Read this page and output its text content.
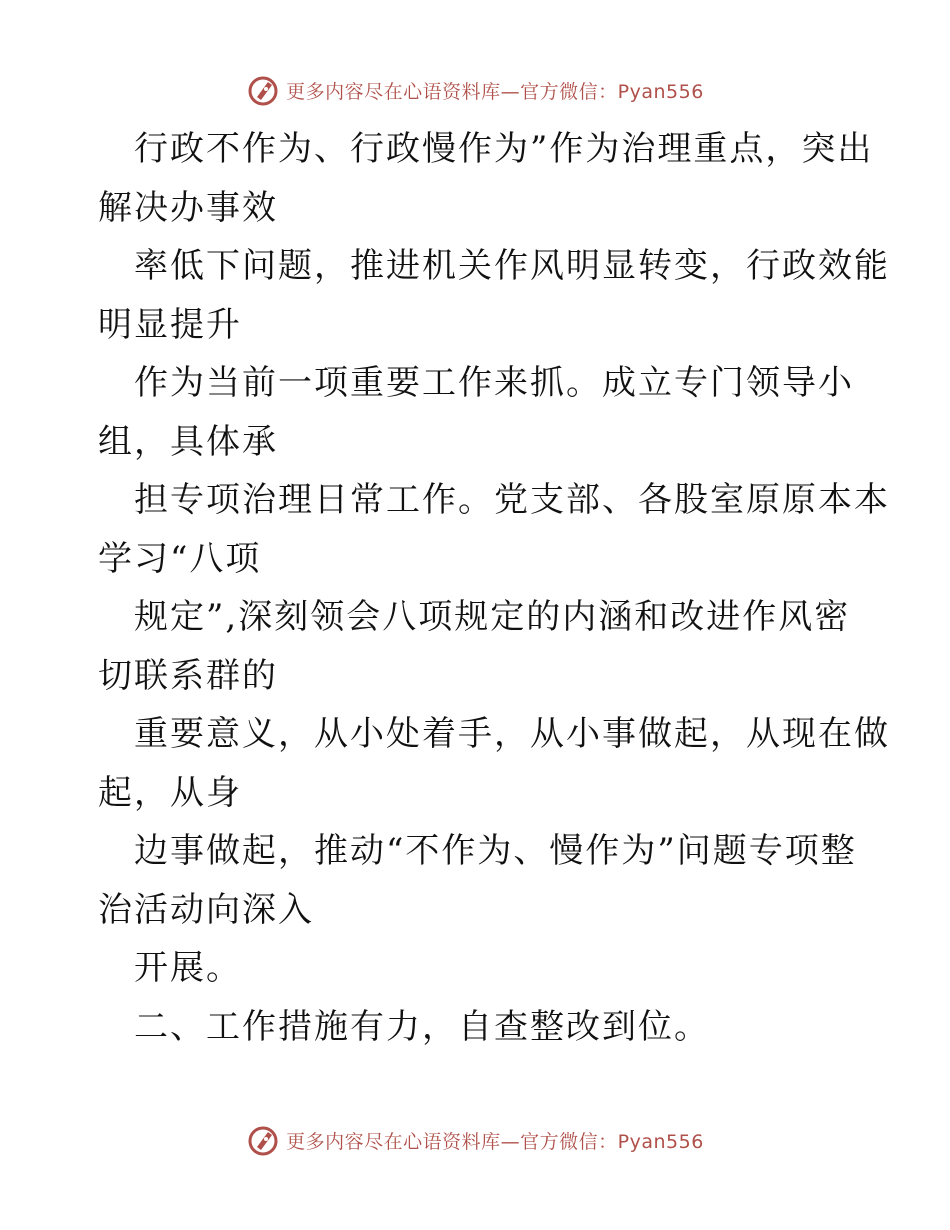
更多内容尽在心语资料库—官方微信：Pyan556
行政不作为、行政慢作为”作为治理重点，突出
解决办事效
率低下问题，推进机关作风明显转变，行政效能
明显提升
作为当前一项重要工作来抓。成立专门领导小
组，具体承
担专项治理日常工作。党支部、各股室原原本本
学习“八项
规定”,深刻领会八项规定的内涵和改进作风密
切联系群的
重要意义，从小处着手，从小事做起，从现在做
起，从身
边事做起，推动“不作为、慢作为”问题专项整
治活动向深入
开展。
二、工作措施有力，自查整改到位。
更多内容尽在心语资料库—官方微信：Pyan556
